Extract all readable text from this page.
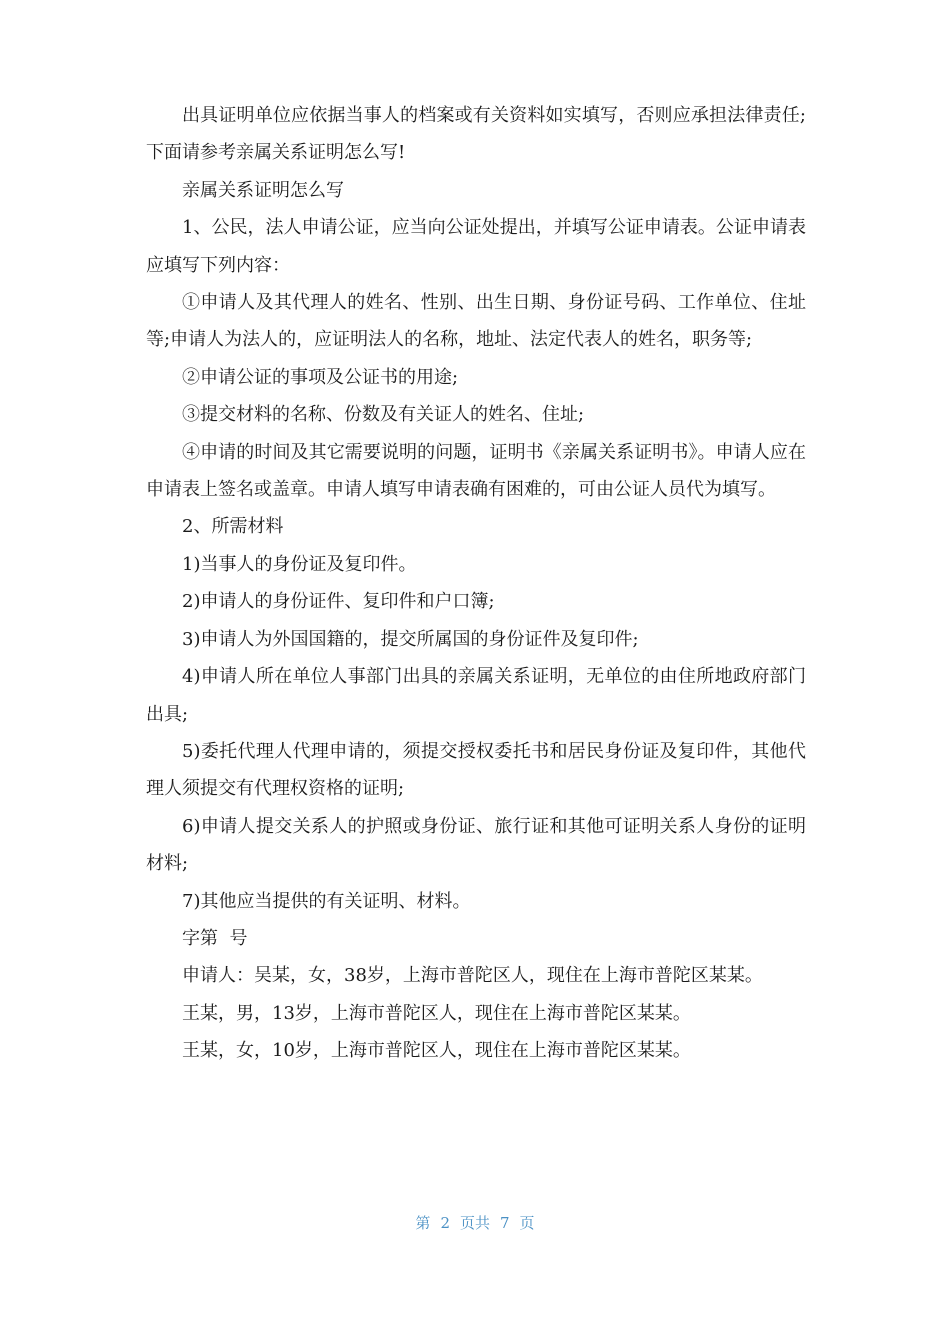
出具证明单位应依据当事人的档案或有关资料如实填写，否则应承担法律责任;下面请参考亲属关系证明怎么写!

亲属关系证明怎么写

1、公民，法人申请公证，应当向公证处提出，并填写公证申请表。公证申请表应填写下列内容：

①申请人及其代理人的姓名、性别、出生日期、身份证号码、工作单位、住址等;申请人为法人的，应证明法人的名称，地址、法定代表人的姓名，职务等;

②申请公证的事项及公证书的用途;

③提交材料的名称、份数及有关证人的姓名、住址;

④申请的时间及其它需要说明的问题，证明书《亲属关系证明书》。申请人应在申请表上签名或盖章。申请人填写申请表确有困难的，可由公证人员代为填写。

2、所需材料

1)当事人的身份证及复印件。

2)申请人的身份证件、复印件和户口簿;

3)申请人为外国国籍的，提交所属国的身份证件及复印件;

4)申请人所在单位人事部门出具的亲属关系证明，无单位的由住所地政府部门出具;

5)委托代理人代理申请的，须提交授权委托书和居民身份证及复印件，其他代理人须提交有代理权资格的证明;

6)申请人提交关系人的护照或身份证、旅行证和其他可证明关系人身份的证明材料;

7)其他应当提供的有关证明、材料。

字第  号

申请人：吴某，女，38岁，上海市普陀区人，现住在上海市普陀区某某。

王某，男，13岁，上海市普陀区人，现住在上海市普陀区某某。

王某，女，10岁，上海市普陀区人，现住在上海市普陀区某某。

第 2 页共 7 页
